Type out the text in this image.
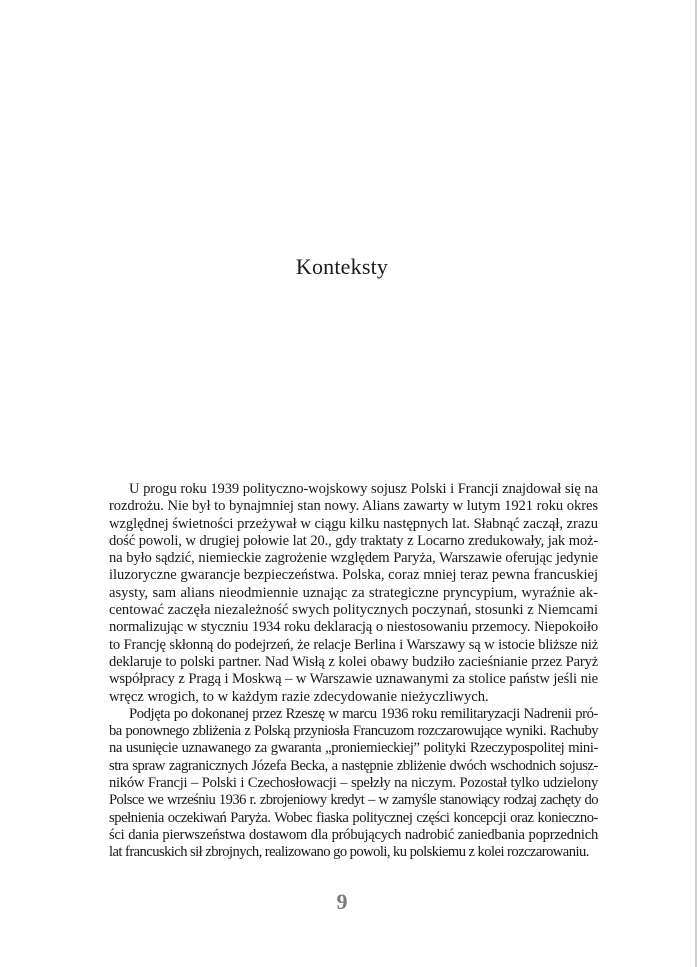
Konteksty
U progu roku 1939 polityczno-wojskowy sojusz Polski i Francji znajdował się na
rozdrożu. Nie był to bynajmniej stan nowy. Alians zawarty w lutym 1921 roku okres
względnej świetności przeżywał w ciągu kilku następnych lat. Słabnąć zaczął, zrazu
dość powoli, w drugiej połowie lat 20., gdy traktaty z Locarno zredukowały, jak moż-
na było sądzić, niemieckie zagrożenie względem Paryża, Warszawie oferując jedynie
iluzoryczne gwarancje bezpieczeństwa. Polska, coraz mniej teraz pewna francuskiej
asysty, sam alians nieodmiennie uznając za strategiczne pryncypium, wyraźnie ak-
centować zaczęła niezależność swych politycznych poczynań, stosunki z Niemcami
normalizując w styczniu 1934 roku deklaracją o niestosowaniu przemocy. Niepokoiło
to Francję skłonną do podejrzeń, że relacje Berlina i Warszawy są w istocie bliższe niż
deklaruje to polski partner. Nad Wisłą z kolei obawy budziło zacieśnianie przez Paryż
współpracy z Pragą i Moskwą – w Warszawie uznawanymi za stolice państw jeśli nie
wręcz wrogich, to w każdym razie zdecydowanie nieżyczliwych.
Podjęta po dokonanej przez Rzeszę w marcu 1936 roku remilitaryzacji Nadrenii pró-
ba ponownego zbliżenia z Polską przyniosła Francuzom rozczarowujące wyniki. Rachuby
na usunięcie uznawanego za gwaranta „proniemieckiej” polityki Rzeczypospolitej mini-
stra spraw zagranicznych Józefa Becka, a następnie zbliżenie dwóch wschodnich sojusz-
ników Francji – Polski i Czechosłowacji – spełzły na niczym. Pozostał tylko udzielony
Polsce we wrześniu 1936 r. zbrojeniowy kredyt – w zamyśle stanowiący rodzaj zachęty do
spełnienia oczekiwań Paryża. Wobec fiaska politycznej części koncepcji oraz konieczno-
ści dania pierwszeństwa dostawom dla próbujących nadrobić zaniedbania poprzednich
lat francuskich sił zbrojnych, realizowano go powoli, ku polskiemu z kolei rozczarowaniu.
9
